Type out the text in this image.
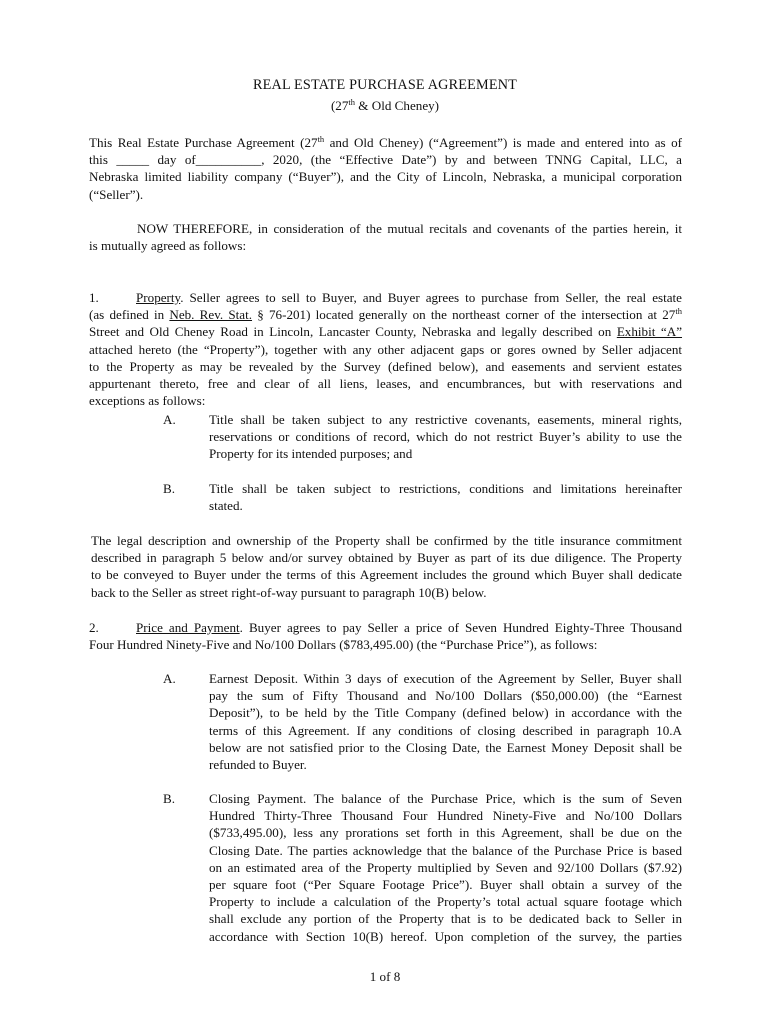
REAL ESTATE PURCHASE AGREEMENT
(27th & Old Cheney)
This Real Estate Purchase Agreement (27th and Old Cheney) (“Agreement”) is made and entered into as of
this _____ day of__________, 2020, (the “Effective Date”) by and between TNNG Capital, LLC, a
Nebraska limited liability company (“Buyer”), and the City of Lincoln, Nebraska, a municipal corporation
(“Seller”).
NOW THEREFORE, in consideration of the mutual recitals and covenants of the parties herein, it
is mutually agreed as follows:
1.	Property. Seller agrees to sell to Buyer, and Buyer agrees to purchase from Seller, the real estate
(as defined in Neb. Rev. Stat. § 76-201) located generally on the northeast corner of the intersection at 27th
Street and Old Cheney Road in Lincoln, Lancaster County, Nebraska and legally described on Exhibit “A”
attached hereto (the “Property”), together with any other adjacent gaps or gores owned by Seller adjacent
to the Property as may be revealed by the Survey (defined below), and easements and servient estates
appurtenant thereto, free and clear of all liens, leases, and encumbrances, but with reservations and
exceptions as follows:
A.	Title shall be taken subject to any restrictive covenants, easements, mineral rights,
reservations or conditions of record, which do not restrict Buyer’s ability to use the
Property for its intended purposes; and
B.	Title shall be taken subject to restrictions, conditions and limitations hereinafter
stated.
The legal description and ownership of the Property shall be confirmed by the title insurance commitment
described in paragraph 5 below and/or survey obtained by Buyer as part of its due diligence. The Property
to be conveyed to Buyer under the terms of this Agreement includes the ground which Buyer shall dedicate
back to the Seller as street right-of-way pursuant to paragraph 10(B) below.
2.	Price and Payment. Buyer agrees to pay Seller a price of Seven Hundred Eighty-Three Thousand
Four Hundred Ninety-Five and No/100 Dollars ($783,495.00) (the “Purchase Price”), as follows:
A.	Earnest Deposit. Within 3 days of execution of the Agreement by Seller, Buyer shall
pay the sum of Fifty Thousand and No/100 Dollars ($50,000.00) (the “Earnest
Deposit”), to be held by the Title Company (defined below) in accordance with the
terms of this Agreement. If any conditions of closing described in paragraph 10.A
below are not satisfied prior to the Closing Date, the Earnest Money Deposit shall be
refunded to Buyer.
B.	Closing Payment. The balance of the Purchase Price, which is the sum of Seven
Hundred Thirty-Three Thousand Four Hundred Ninety-Five and No/100 Dollars
($733,495.00), less any prorations set forth in this Agreement, shall be due on the
Closing Date. The parties acknowledge that the balance of the Purchase Price is based
on an estimated area of the Property multiplied by Seven and 92/100 Dollars ($7.92)
per square foot (“Per Square Footage Price”). Buyer shall obtain a survey of the
Property to include a calculation of the Property’s total actual square footage which
shall exclude any portion of the Property that is to be dedicated back to Seller in
accordance with Section 10(B) hereof. Upon completion of the survey, the parties
1 of 8
